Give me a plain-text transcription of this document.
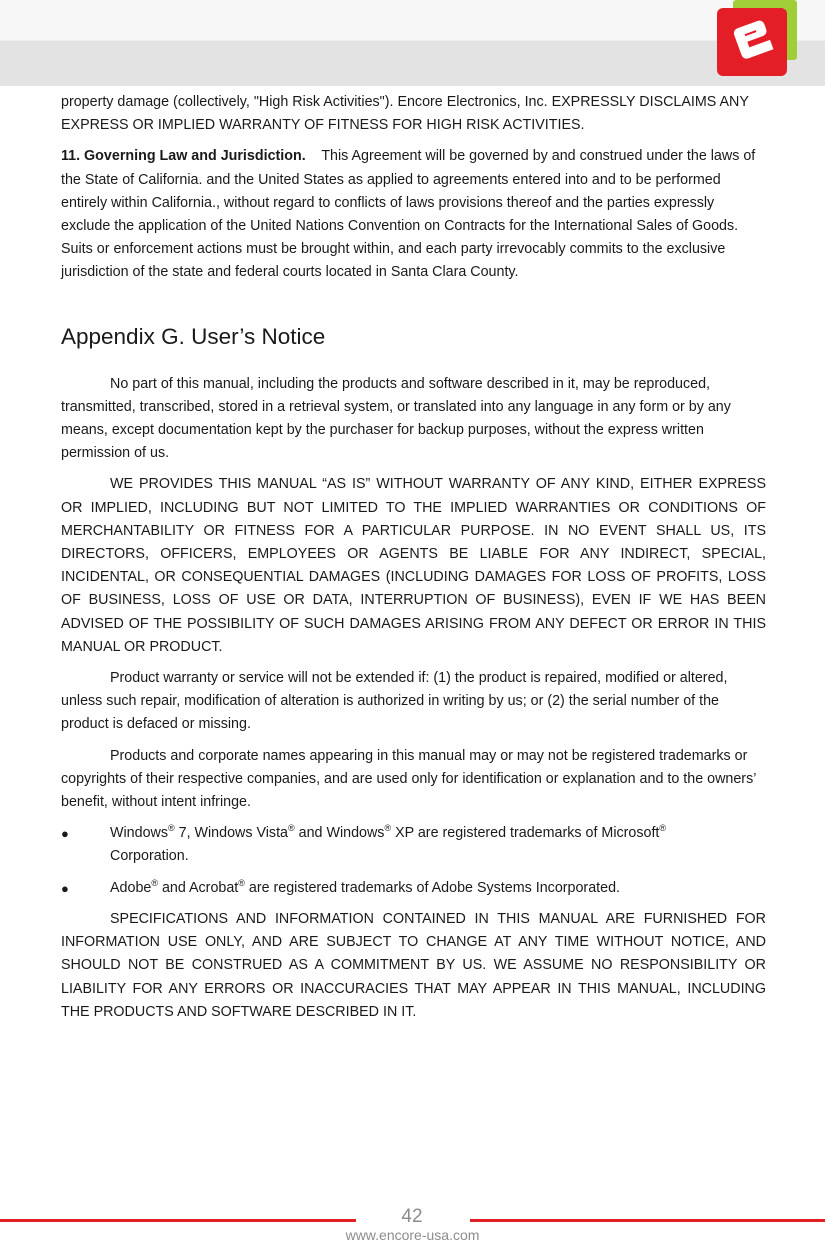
property damage (collectively, "High Risk Activities"). Encore Electronics, Inc. EXPRESSLY DISCLAIMS ANY EXPRESS OR IMPLIED WARRANTY OF FITNESS FOR HIGH RISK ACTIVITIES.

11. Governing Law and Jurisdiction.    This Agreement will be governed by and construed under the laws of the State of California. and the United States as applied to agreements entered into and to be performed entirely within California., without regard to conflicts of laws provisions thereof and the parties expressly exclude the application of the United Nations Convention on Contracts for the International Sales of Goods.    Suits or enforcement actions must be brought within, and each party irrevocably commits to the exclusive jurisdiction of the state and federal courts located in Santa Clara County.

Appendix G. User’s Notice

No part of this manual, including the products and software described in it, may be reproduced, transmitted, transcribed, stored in a retrieval system, or translated into any language in any form or by any means, except documentation kept by the purchaser for backup purposes, without the express written permission of us.

WE PROVIDES THIS MANUAL “AS IS” WITHOUT WARRANTY OF ANY KIND, EITHER EXPRESS OR IMPLIED, INCLUDING BUT NOT LIMITED TO THE IMPLIED WARRANTIES OR CONDITIONS OF MERCHANTABILITY OR FITNESS FOR A PARTICULAR PURPOSE. IN NO EVENT SHALL US, ITS DIRECTORS, OFFICERS, EMPLOYEES OR AGENTS BE LIABLE FOR ANY INDIRECT, SPECIAL, INCIDENTAL, OR CONSEQUENTIAL DAMAGES (INCLUDING DAMAGES FOR LOSS OF PROFITS, LOSS OF BUSINESS, LOSS OF USE OR DATA, INTERRUPTION OF BUSINESS), EVEN IF WE HAS BEEN ADVISED OF THE POSSIBILITY OF SUCH DAMAGES ARISING FROM ANY DEFECT OR ERROR IN THIS MANUAL OR PRODUCT.

Product warranty or service will not be extended if: (1) the product is repaired, modified or altered, unless such repair, modification of alteration is authorized in writing by us; or (2) the serial number of the product is defaced or missing.

Products and corporate names appearing in this manual may or may not be registered trademarks or copyrights of their respective companies, and are used only for identification or explanation and to the owners’ benefit, without intent infringe.

●	Windows® 7, Windows Vista® and Windows® XP are registered trademarks of Microsoft®
Corporation.
●	Adobe® and Acrobat® are registered trademarks of Adobe Systems Incorporated.

SPECIFICATIONS AND INFORMATION CONTAINED IN THIS MANUAL ARE FURNISHED FOR INFORMATION USE ONLY, AND ARE SUBJECT TO CHANGE AT ANY TIME WITHOUT NOTICE, AND SHOULD NOT BE CONSTRUED AS A COMMITMENT BY US. WE ASSUME NO RESPONSIBILITY OR LIABILITY FOR ANY ERRORS OR INACCURACIES THAT MAY APPEAR IN THIS MANUAL, INCLUDING THE PRODUCTS AND SOFTWARE DESCRIBED IN IT.

42
www.encore-usa.com
